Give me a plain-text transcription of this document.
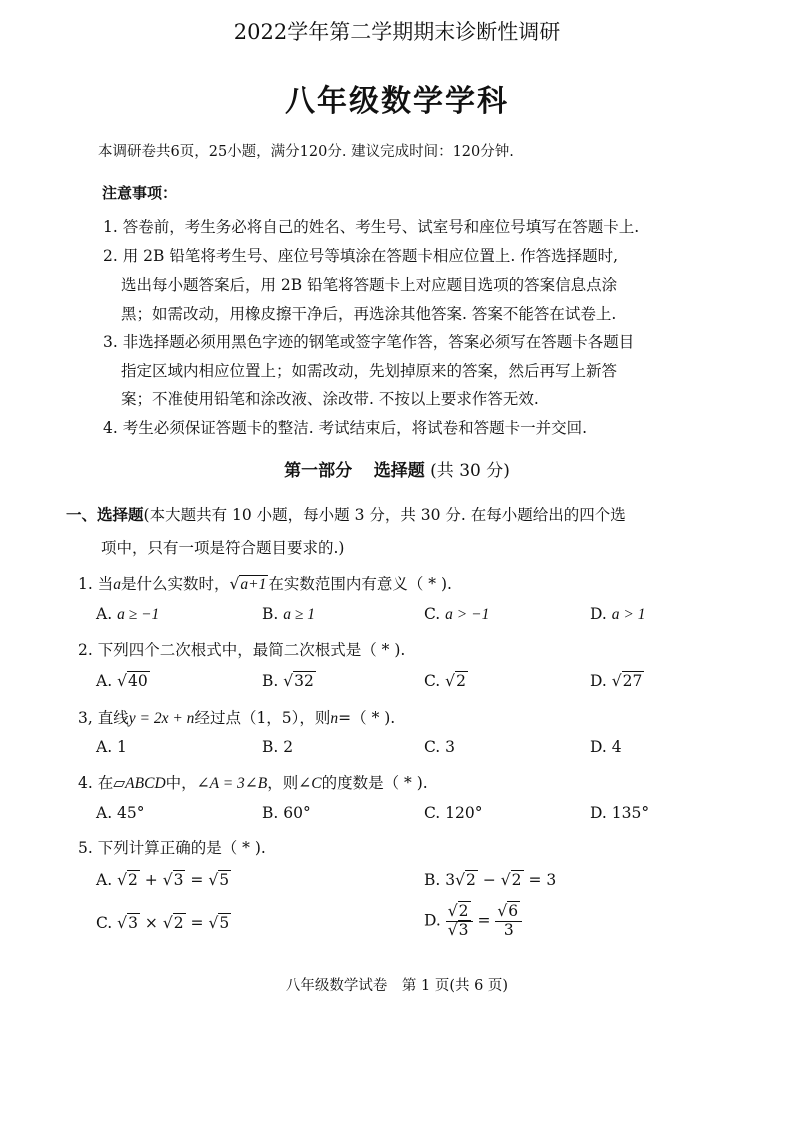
2022学年第二学期期末诊断性调研
八年级数学学科
本调研卷共6页，25小题，满分120分. 建议完成时间：120分钟.
注意事项：
1. 答卷前，考生务必将自己的姓名、考生号、试室号和座位号填写在答题卡上.
2. 用 2B 铅笔将考生号、座位号等填涂在答题卡相应位置上. 作答选择题时,
选出每小题答案后，用 2B 铅笔将答题卡上对应题目选项的答案信息点涂
黑；如需改动，用橡皮擦干净后，再选涂其他答案. 答案不能答在试卷上.
3. 非选择题必须用黑色字迹的钢笔或签字笔作答，答案必须写在答题卡各题目
指定区域内相应位置上；如需改动，先划掉原来的答案，然后再写上新答
案；不准使用铅笔和涂改液、涂改带. 不按以上要求作答无效.
4. 考生必须保证答题卡的整洁. 考试结束后，将试卷和答题卡一并交回.
第一部分 选择题 (共 30 分)
一、选择题(本大题共有 10 小题，每小题 3 分，共 30 分. 在每小题给出的四个选
项中，只有一项是符合题目要求的.)
1. 当a是什么实数时，√a+1 在实数范围内有意义（ * ).
A. a ≥ −1	B. a ≥ 1	C. a > −1	D. a > 1
2. 下列四个二次根式中，最简二次根式是（ * ).
A. √40	B. √32	C. √2	D. √27
3, 直线y = 2x + n经过点（1，5），则n=（ * ).
A. 1	B. 2	C. 3	D. 4
4. 在▱ABCD中，∠A = 3∠B，则∠C的度数是（ * ).
A. 45°	B. 60°	C. 120°	D. 135°
5. 下列计算正确的是（ * ).
A. √2 + √3 = √5	B. 3√2 − √2 = 3
C. √3 × √2 = √5	D. $\frac{√2}{√3} = \frac{√6}{3}$
八年级数学试卷　第 1 页(共 6 页)
